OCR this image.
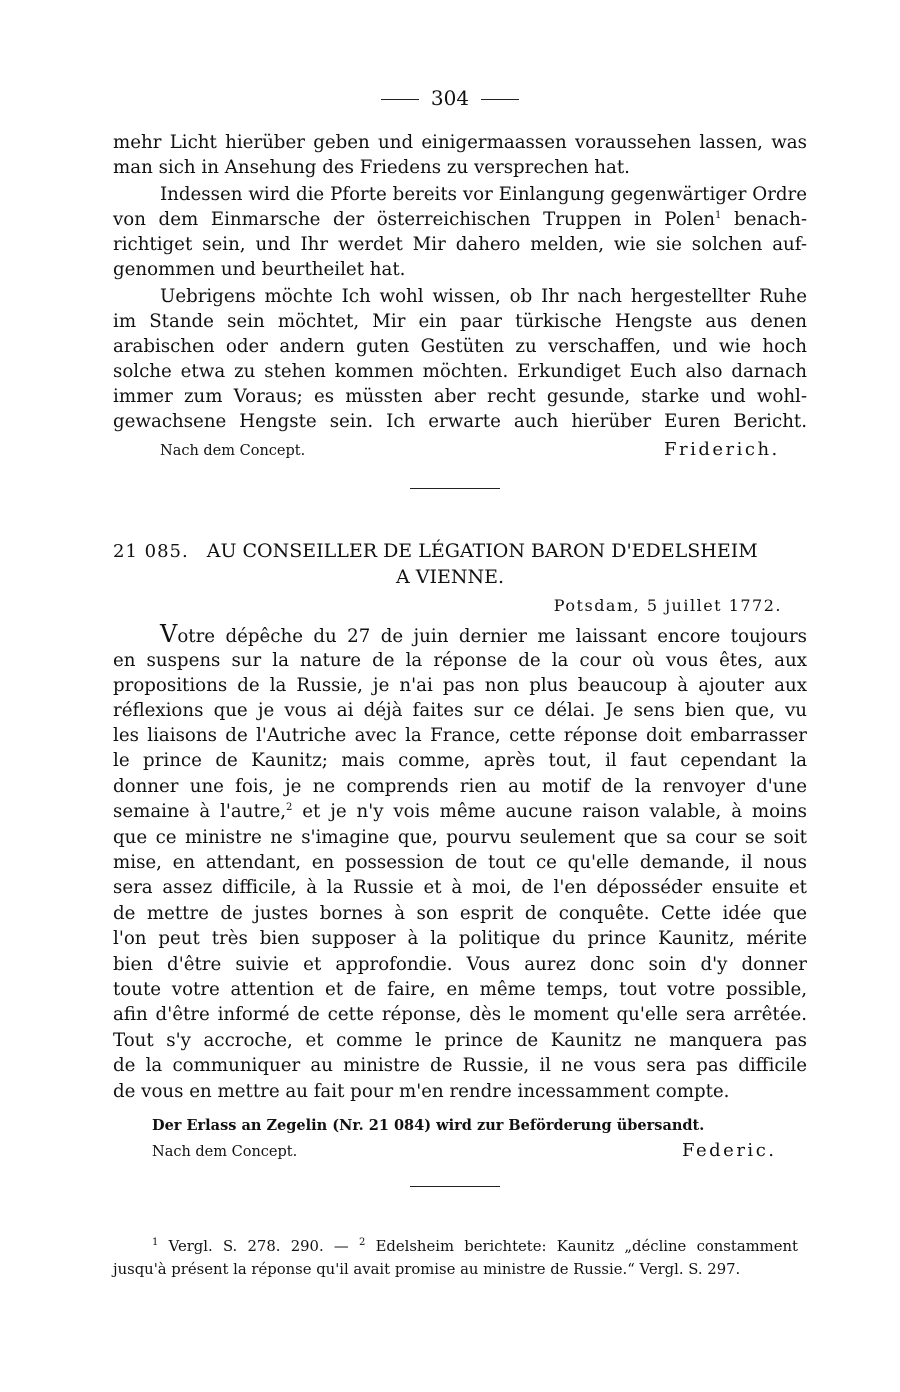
304
mehr Licht hierüber geben und einigermaassen voraussehen lassen, was
man sich in Ansehung des Friedens zu versprechen hat.
Indessen wird die Pforte bereits vor Einlangung gegenwärtiger Ordre
von dem Einmarsche der österreichischen Truppen in Polen$^1$ benach-
richtiget sein, und Ihr werdet Mir dahero melden, wie sie solchen auf-
genommen und beurtheilet hat.
Uebrigens möchte Ich wohl wissen, ob Ihr nach hergestellter Ruhe
im Stande sein möchtet, Mir ein paar türkische Hengste aus denen
arabischen oder andern guten Gestüten zu verschaffen, und wie hoch
solche etwa zu stehen kommen möchten. Erkundiget Euch also darnach
immer zum Voraus; es müssten aber recht gesunde, starke und wohl-
gewachsene Hengste sein. Ich erwarte auch hierüber Euren Bericht.
Nach dem Concept.	Friderich.
21 085. AU CONSEILLER DE LÉGATION BARON D'EDELSHEIM
A VIENNE.
Potsdam, 5 juillet 1772.
Votre dépêche du 27 de juin dernier me laissant encore toujours
en suspens sur la nature de la réponse de la cour où vous êtes, aux
propositions de la Russie, je n'ai pas non plus beaucoup à ajouter aux
réflexions que je vous ai déjà faites sur ce délai. Je sens bien que, vu
les liaisons de l'Autriche avec la France, cette réponse doit embarrasser
le prince de Kaunitz; mais comme, après tout, il faut cependant la
donner une fois, je ne comprends rien au motif de la renvoyer d'une
semaine à l'autre,$^2$ et je n'y vois même aucune raison valable, à moins
que ce ministre ne s'imagine que, pourvu seulement que sa cour se soit
mise, en attendant, en possession de tout ce qu'elle demande, il nous
sera assez difficile, à la Russie et à moi, de l'en déposséder ensuite et
de mettre de justes bornes à son esprit de conquête. Cette idée que
l'on peut très bien supposer à la politique du prince Kaunitz, mérite
bien d'être suivie et approfondie. Vous aurez donc soin d'y donner
toute votre attention et de faire, en même temps, tout votre possible,
afin d'être informé de cette réponse, dès le moment qu'elle sera arrêtée.
Tout s'y accroche, et comme le prince de Kaunitz ne manquera pas
de la communiquer au ministre de Russie, il ne vous sera pas difficile
de vous en mettre au fait pour m'en rendre incessamment compte.
Der Erlass an Zegelin (Nr. 21 084) wird zur Beförderung übersandt.
Nach dem Concept.	Federic.
$^1$ Vergl. S. 278. 290. — $^2$ Edelsheim berichtete: Kaunitz „décline constamment
jusqu'à présent la réponse qu'il avait promise au ministre de Russie.“ Vergl. S. 297.
